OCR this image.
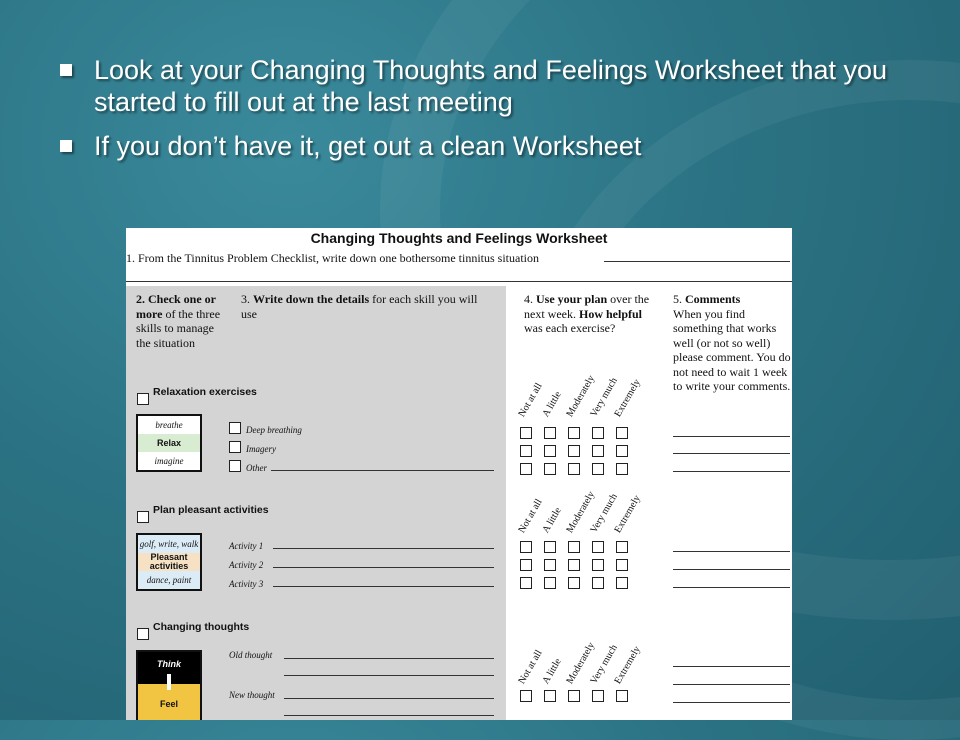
Look at your Changing Thoughts and Feelings Worksheet that you started to fill out at the last meeting
If you don’t have it, get out a clean Worksheet
Changing Thoughts and Feelings Worksheet
1. From the Tinnitus Problem Checklist, write down one bothersome tinnitus situation
2. Check one or more of the three skills to manage the situation
3. Write down the details for each skill you will use
4. Use your plan over the next week. How helpful was each exercise?
5. Comments
When you find something that works well (or not so well) please comment. You do not need to wait 1 week to write your comments.
Relaxation exercises
breathe
Relax
imagine
Deep breathing
Imagery
Other
Plan pleasant activities
golf, write, walk
Pleasant activities
dance, paint
Activity 1
Activity 2
Activity 3
Changing thoughts
Think
Feel
Old thought
New thought
Not at all
A little Moderately
Very much
Extremely
Not at all
A little Moderately
Very much
Extremely
Not at all
A little Moderately
Very much
Extremely
